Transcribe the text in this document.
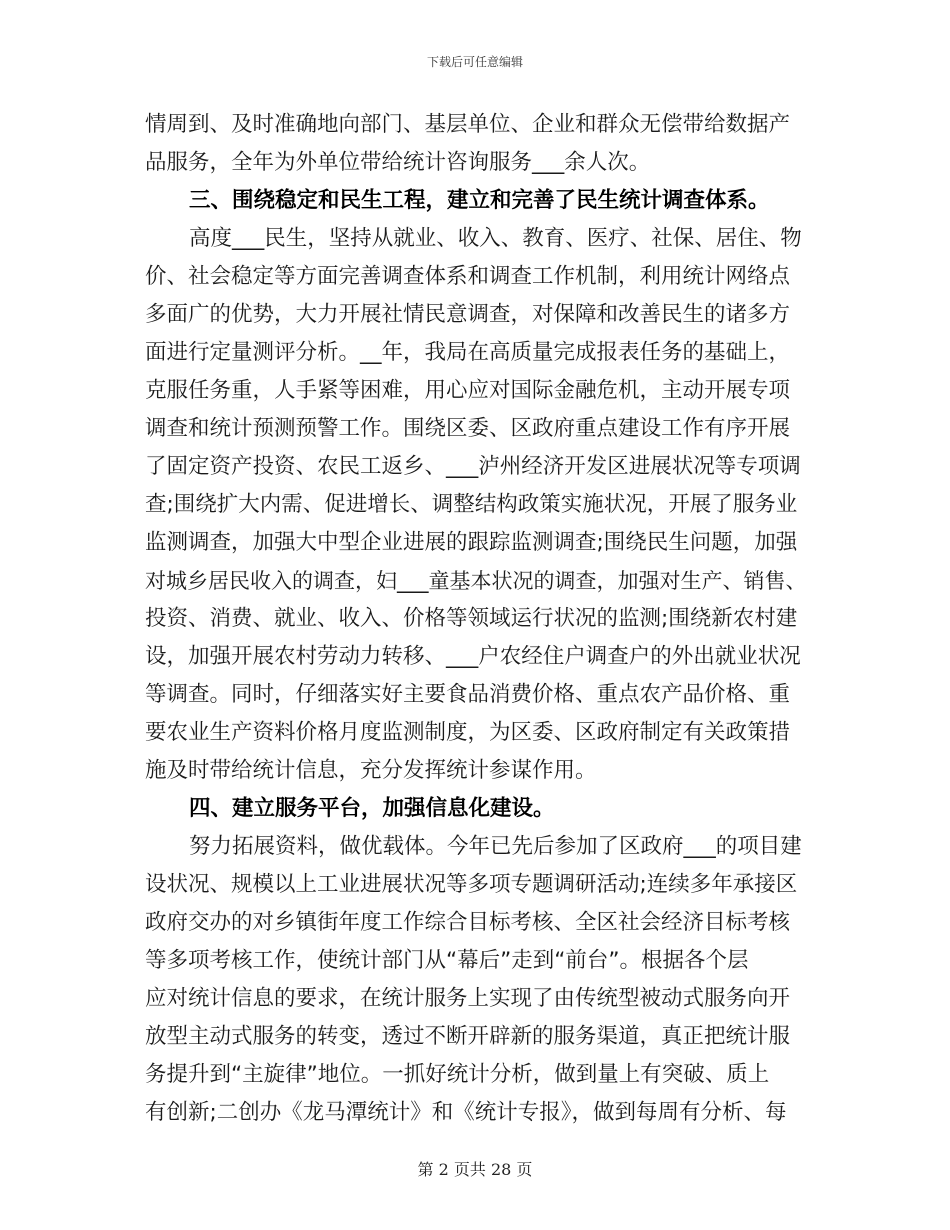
下载后可任意编辑
情周到、及时准确地向部门、基层单位、企业和群众无偿带给数据产
品服务，全年为外单位带给统计咨询服务___余人次。
三、围绕稳定和民生工程，建立和完善了民生统计调查体系。
高度___民生，坚持从就业、收入、教育、医疗、社保、居住、物
价、社会稳定等方面完善调查体系和调查工作机制，利用统计网络点
多面广的优势，大力开展社情民意调查，对保障和改善民生的诸多方
面进行定量测评分析。__年，我局在高质量完成报表任务的基础上，
克服任务重，人手紧等困难，用心应对国际金融危机，主动开展专项
调查和统计预测预警工作。围绕区委、区政府重点建设工作有序开展
了固定资产投资、农民工返乡、___泸州经济开发区进展状况等专项调
查;围绕扩大内需、促进增长、调整结构政策实施状况，开展了服务业
监测调查，加强大中型企业进展的跟踪监测调查;围绕民生问题，加强
对城乡居民收入的调查，妇___童基本状况的调查，加强对生产、销售、
投资、消费、就业、收入、价格等领域运行状况的监测;围绕新农村建
设，加强开展农村劳动力转移、___户农经住户调查户的外出就业状况
等调查。同时，仔细落实好主要食品消费价格、重点农产品价格、重
要农业生产资料价格月度监测制度，为区委、区政府制定有关政策措
施及时带给统计信息，充分发挥统计参谋作用。
四、建立服务平台，加强信息化建设。
努力拓展资料，做优载体。今年已先后参加了区政府___的项目建
设状况、规模以上工业进展状况等多项专题调研活动;连续多年承接区
政府交办的对乡镇街年度工作综合目标考核、全区社会经济目标考核
等多项考核工作，使统计部门从“幕后”走到“前台”。根据各个层
应对统计信息的要求，在统计服务上实现了由传统型被动式服务向开
放型主动式服务的转变，透过不断开辟新的服务渠道，真正把统计服
务提升到“主旋律”地位。一抓好统计分析，做到量上有突破、质上
有创新;二创办《龙马潭统计》和《统计专报》，做到每周有分析、每
第 2 页共 28 页
